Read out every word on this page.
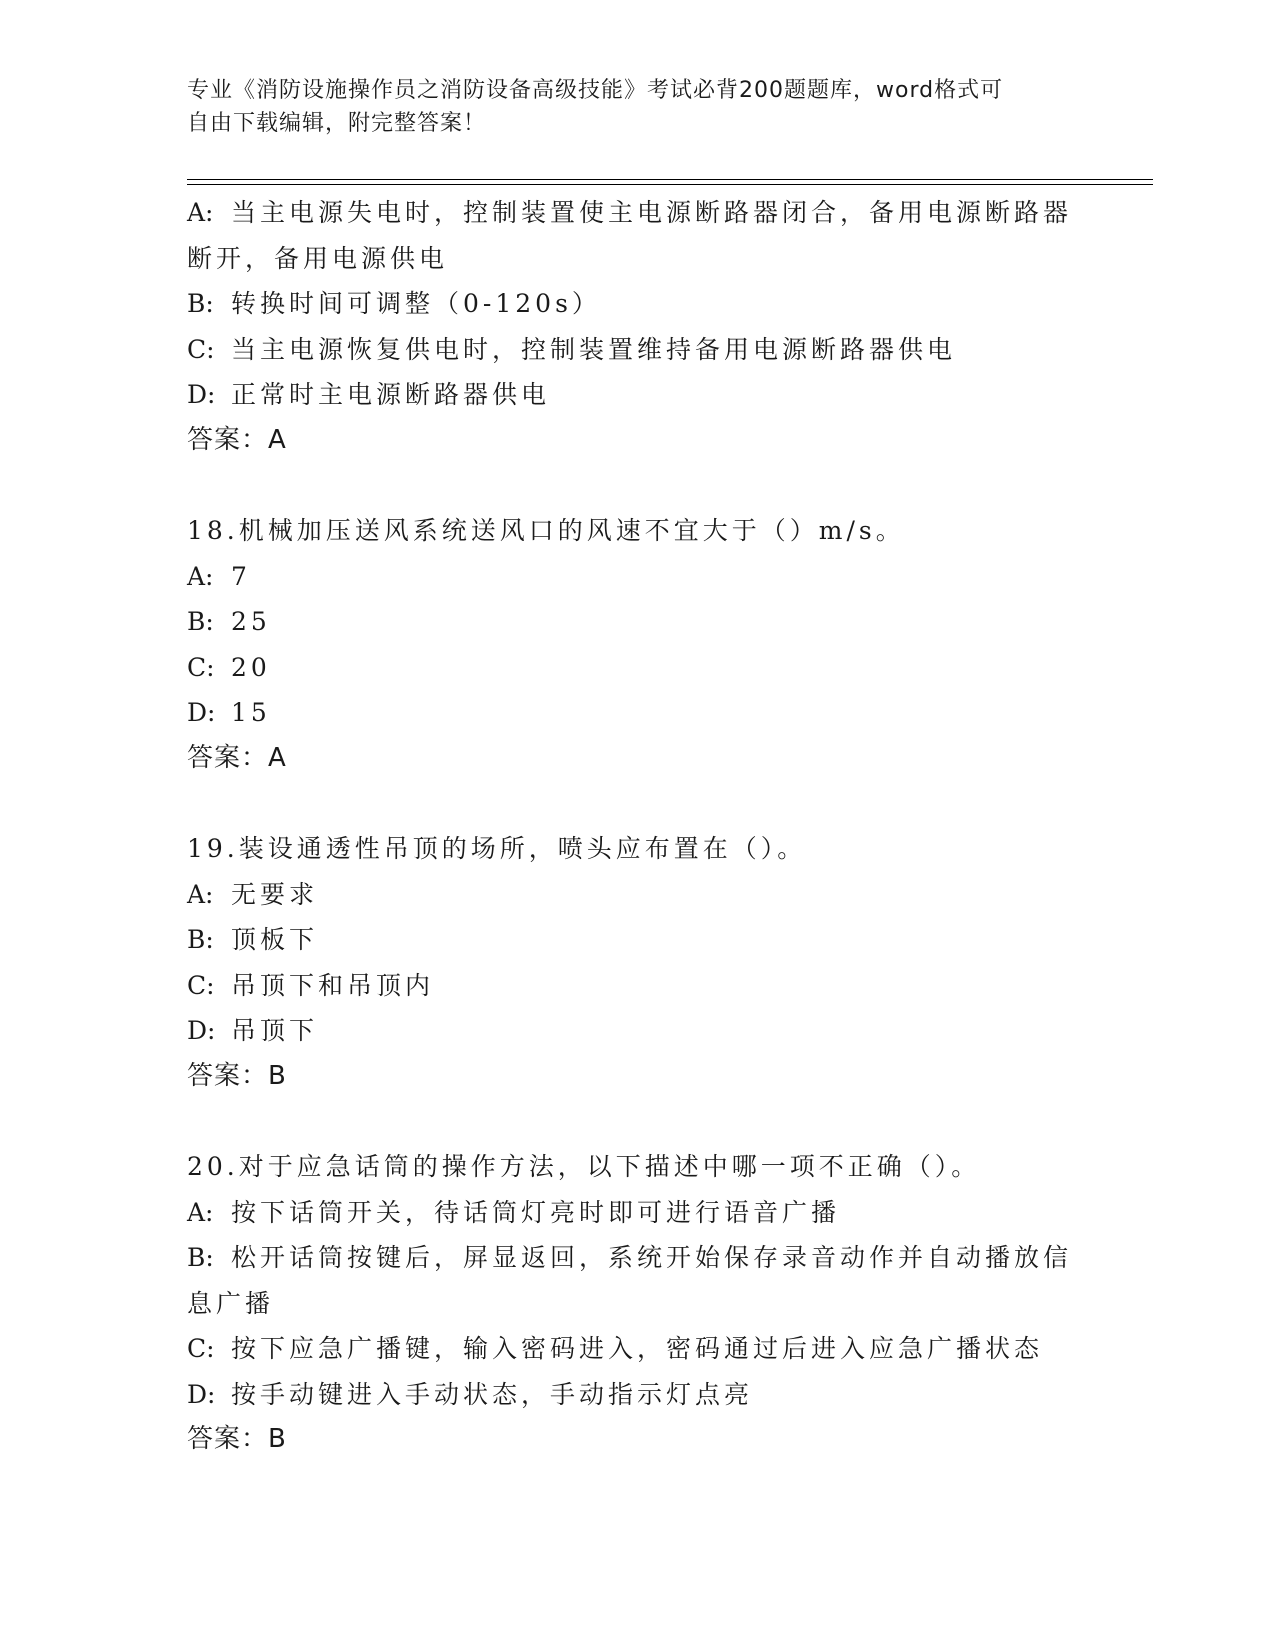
专业《消防设施操作员之消防设备高级技能》考试必背200题题库，word格式可
自由下载编辑，附完整答案！
A: 当主电源失电时，控制装置使主电源断路器闭合，备用电源断路器
断开，备用电源供电
B: 转换时间可调整（0-120s）
C: 当主电源恢复供电时，控制装置维持备用电源断路器供电
D: 正常时主电源断路器供电
答案：A
18.机械加压送风系统送风口的风速不宜大于（）m/s。
A: 7
B: 25
C: 20
D: 15
答案：A
19.装设通透性吊顶的场所，喷头应布置在（）。
A: 无要求
B: 顶板下
C: 吊顶下和吊顶内
D: 吊顶下
答案：B
20.对于应急话筒的操作方法，以下描述中哪一项不正确（）。
A: 按下话筒开关，待话筒灯亮时即可进行语音广播
B: 松开话筒按键后，屏显返回，系统开始保存录音动作并自动播放信
息广播
C: 按下应急广播键，输入密码进入，密码通过后进入应急广播状态
D: 按手动键进入手动状态，手动指示灯点亮
答案：B
